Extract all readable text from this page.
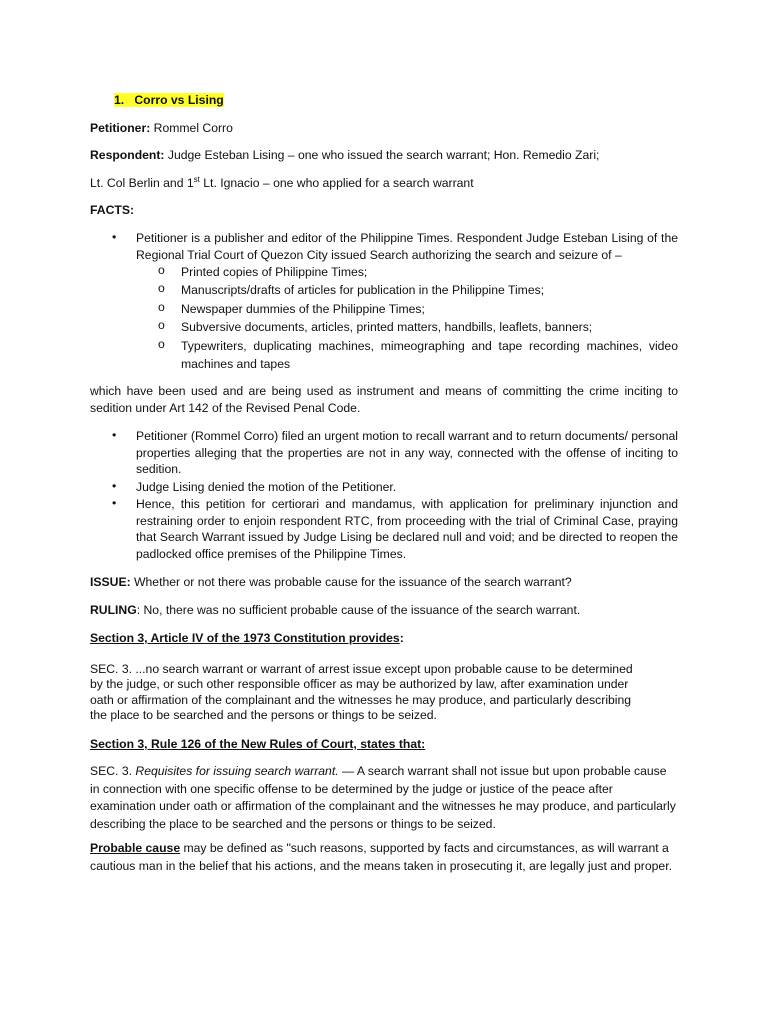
1. Corro vs Lising
Petitioner: Rommel Corro
Respondent: Judge Esteban Lising – one who issued the search warrant; Hon. Remedio Zari;
Lt. Col Berlin and 1st Lt. Ignacio – one who applied for a search warrant
FACTS:
•	Petitioner is a publisher and editor of the Philippine Times. Respondent Judge Esteban Lising of the Regional Trial Court of Quezon City issued Search authorizing the search and seizure of –
o	Printed copies of Philippine Times;
o	Manuscripts/drafts of articles for publication in the Philippine Times;
o	Newspaper dummies of the Philippine Times;
o	Subversive documents, articles, printed matters, handbills, leaflets, banners;
o	Typewriters, duplicating machines, mimeographing and tape recording machines, video machines and tapes
which have been used and are being used as instrument and means of committing the crime inciting to sedition under Art 142 of the Revised Penal Code.
•	Petitioner (Rommel Corro) filed an urgent motion to recall warrant and to return documents/ personal properties alleging that the properties are not in any way, connected with the offense of inciting to sedition.
•	Judge Lising denied the motion of the Petitioner.
•	Hence, this petition for certiorari and mandamus, with application for preliminary injunction and restraining order to enjoin respondent RTC, from proceeding with the trial of Criminal Case, praying that Search Warrant issued by Judge Lising be declared null and void; and be directed to reopen the padlocked office premises of the Philippine Times.
ISSUE: Whether or not there was probable cause for the issuance of the search warrant?
RULING: No, there was no sufficient probable cause of the issuance of the search warrant.
Section 3, Article IV of the 1973 Constitution provides:
SEC. 3. ...no search warrant or warrant of arrest issue except upon probable cause to be determined
by the judge, or such other responsible officer as may be authorized by law, after examination under
oath or affirmation of the complainant and the witnesses he may produce, and particularly describing
the place to be searched and the persons or things to be seized.
Section 3, Rule 126 of the New Rules of Court, states that:
SEC. 3. Requisites for issuing search warrant. — A search warrant shall not issue but upon probable cause in connection with one specific offense to be determined by the judge or justice of the peace after examination under oath or affirmation of the complainant and the witnesses he may produce, and particularly describing the place to be searched and the persons or things to be seized.
Probable cause may be defined as "such reasons, supported by facts and circumstances, as will warrant a cautious man in the belief that his actions, and the means taken in prosecuting it, are legally just and proper.
